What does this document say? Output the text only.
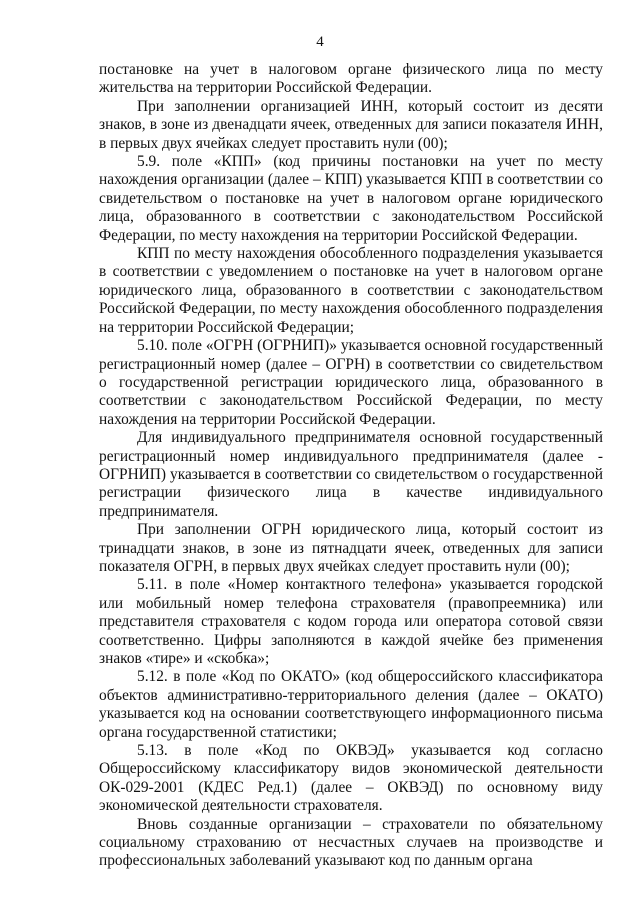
4

постановке на учет в налоговом органе физического лица по месту жительства на территории Российской Федерации.

При заполнении организацией ИНН, который состоит из десяти знаков, в зоне из двенадцати ячеек, отведенных для записи показателя ИНН, в первых двух ячейках следует проставить нули (00);

5.9. поле «КПП» (код причины постановки на учет по месту нахождения организации (далее – КПП) указывается КПП в соответствии со свидетельством о постановке на учет в налоговом органе юридического лица, образованного в соответствии с законодательством Российской Федерации, по месту нахождения на территории Российской Федерации.

КПП по месту нахождения обособленного подразделения указывается в соответствии с уведомлением о постановке на учет в налоговом органе юридического лица, образованного в соответствии с законодательством Российской Федерации, по месту нахождения обособленного подразделения на территории Российской Федерации;

5.10. поле «ОГРН (ОГРНИП)» указывается основной государственный регистрационный номер (далее – ОГРН) в соответствии со свидетельством о государственной регистрации юридического лица, образованного в соответствии с законодательством Российской Федерации, по месту нахождения на территории Российской Федерации.

Для индивидуального предпринимателя основной государственный регистрационный номер индивидуального предпринимателя (далее - ОГРНИП) указывается в соответствии со свидетельством о государственной регистрации физического лица в качестве индивидуального предпринимателя.

При заполнении ОГРН юридического лица, который состоит из тринадцати знаков, в зоне из пятнадцати ячеек, отведенных для записи показателя ОГРН, в первых двух ячейках следует проставить нули (00);

5.11. в поле «Номер контактного телефона» указывается городской или мобильный номер телефона страхователя (правопреемника) или представителя страхователя с кодом города или оператора сотовой связи соответственно. Цифры заполняются в каждой ячейке без применения знаков «тире» и «скобка»;

5.12. в поле «Код по ОКАТО» (код общероссийского классификатора объектов административно-территориального деления (далее – ОКАТО) указывается код на основании соответствующего информационного письма органа государственной статистики;

5.13. в поле «Код по ОКВЭД» указывается код согласно Общероссийскому классификатору видов экономической деятельности ОК-029-2001 (КДЕС Ред.1) (далее – ОКВЭД) по основному виду экономической деятельности страхователя.

Вновь созданные организации – страхователи по обязательному социальному страхованию от несчастных случаев на производстве и профессиональных заболеваний указывают код по данным органа
